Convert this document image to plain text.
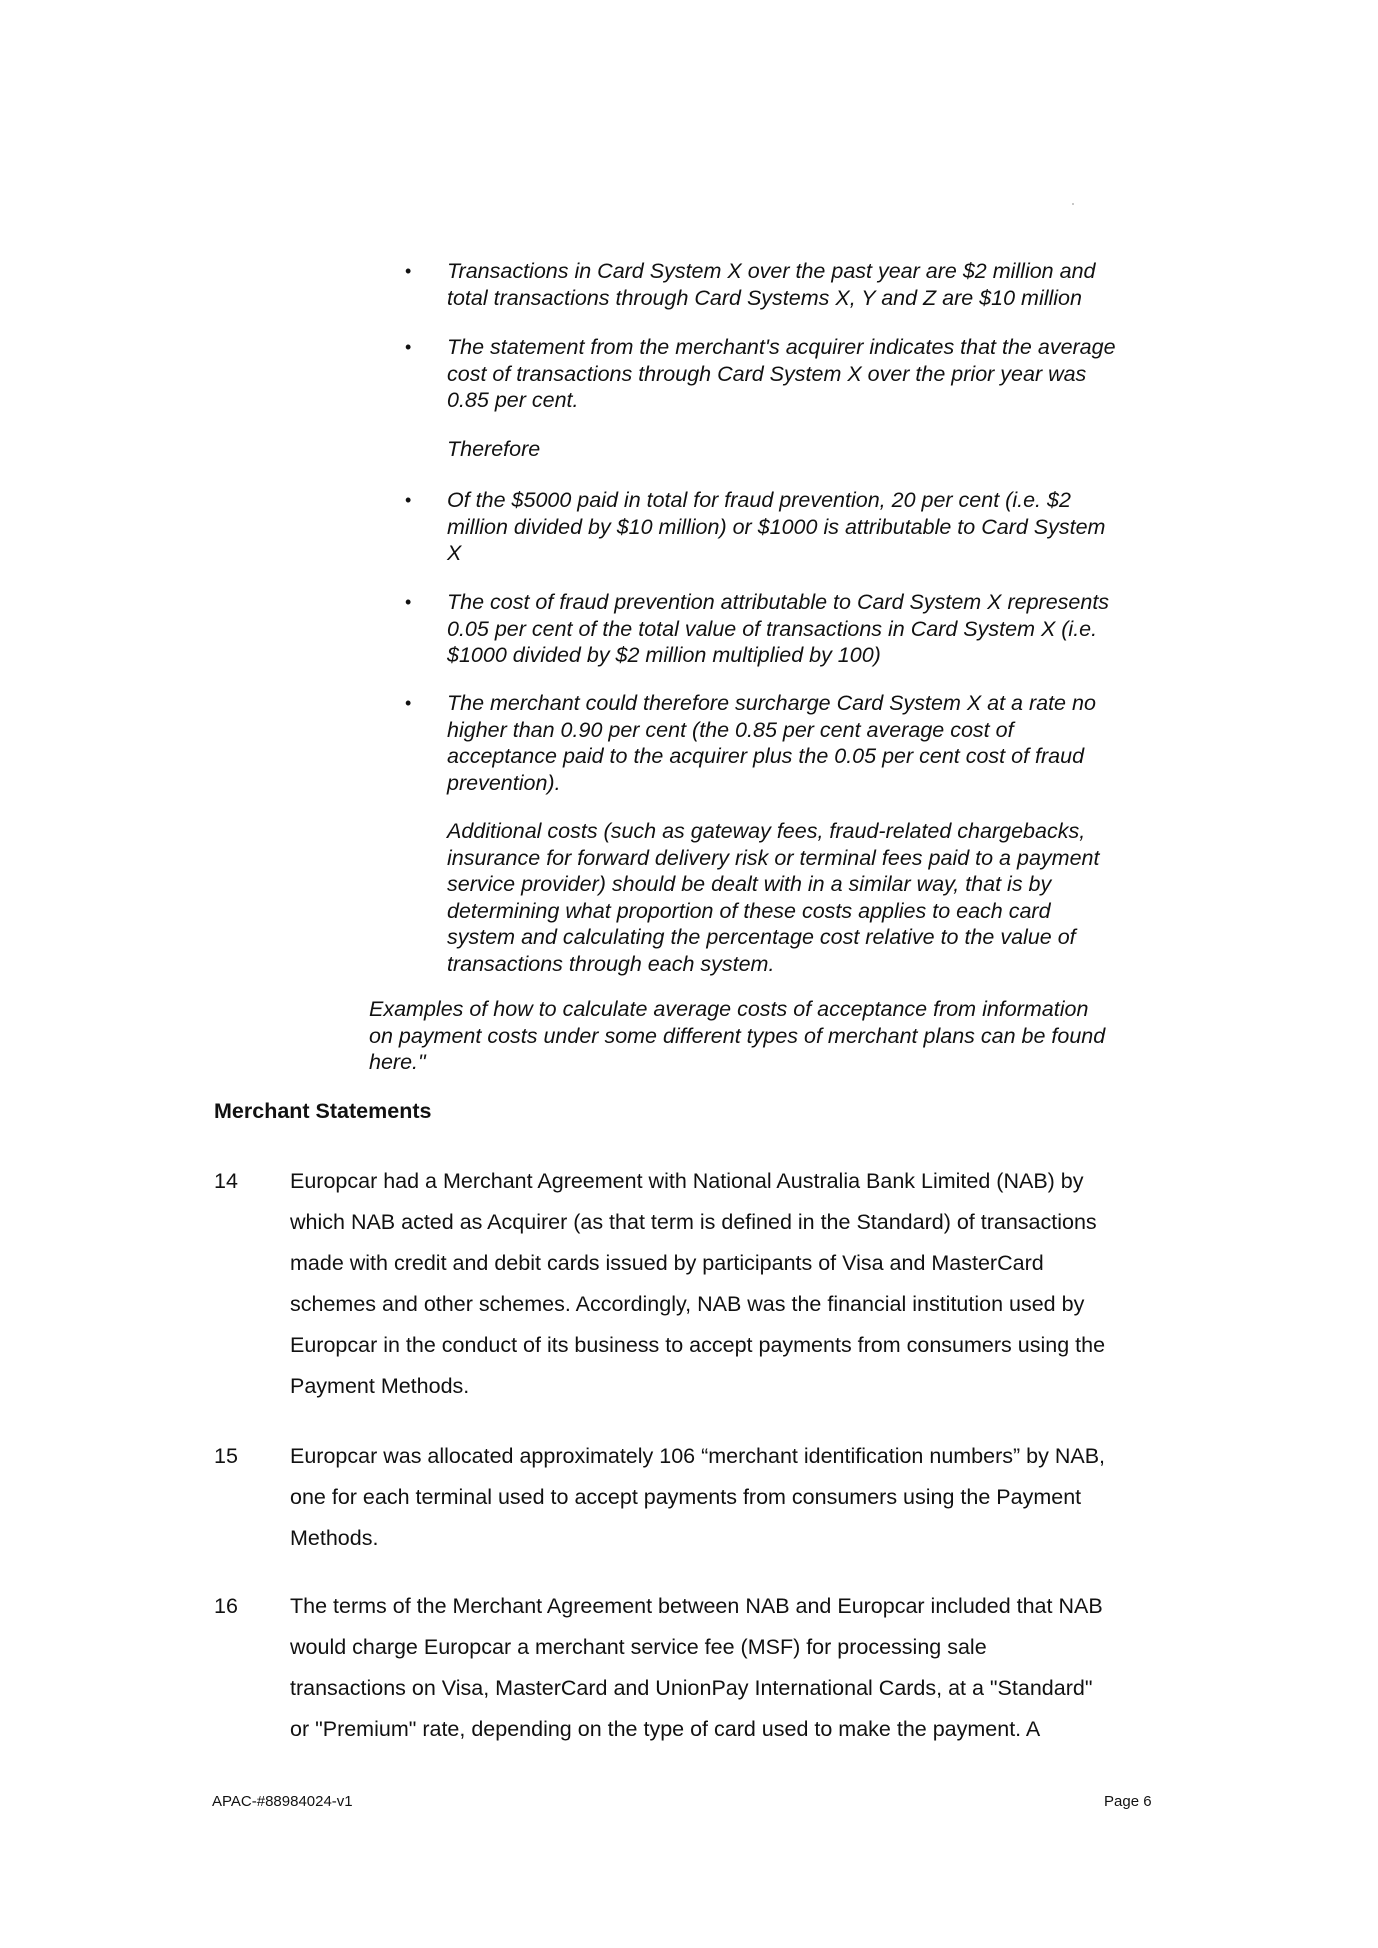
•	Transactions in Card System X over the past year are $2 million and
total transactions through Card Systems X, Y and Z are $10 million
•	The statement from the merchant's acquirer indicates that the average
cost of transactions through Card System X over the prior year was
0.85 per cent.
Therefore
•	Of the $5000 paid in total for fraud prevention, 20 per cent (i.e. $2
million divided by $10 million) or $1000 is attributable to Card System
X
•	The cost of fraud prevention attributable to Card System X represents
0.05 per cent of the total value of transactions in Card System X (i.e.
$1000 divided by $2 million multiplied by 100)
•	The merchant could therefore surcharge Card System X at a rate no
higher than 0.90 per cent (the 0.85 per cent average cost of
acceptance paid to the acquirer plus the 0.05 per cent cost of fraud
prevention).
Additional costs (such as gateway fees, fraud-related chargebacks,
insurance for forward delivery risk or terminal fees paid to a payment
service provider) should be dealt with in a similar way, that is by
determining what proportion of these costs applies to each card
system and calculating the percentage cost relative to the value of
transactions through each system.
Examples of how to calculate average costs of acceptance from information
on payment costs under some different types of merchant plans can be found
here."
Merchant Statements
14	Europcar had a Merchant Agreement with National Australia Bank Limited (NAB) by
which NAB acted as Acquirer (as that term is defined in the Standard) of transactions
made with credit and debit cards issued by participants of Visa and MasterCard
schemes and other schemes. Accordingly, NAB was the financial institution used by
Europcar in the conduct of its business to accept payments from consumers using the
Payment Methods.
15	Europcar was allocated approximately 106 “merchant identification numbers” by NAB,
one for each terminal used to accept payments from consumers using the Payment
Methods.
16	The terms of the Merchant Agreement between NAB and Europcar included that NAB
would charge Europcar a merchant service fee (MSF) for processing sale
transactions on Visa, MasterCard and UnionPay International Cards, at a "Standard"
or "Premium" rate, depending on the type of card used to make the payment. A
APAC-#88984024-v1	Page 6
